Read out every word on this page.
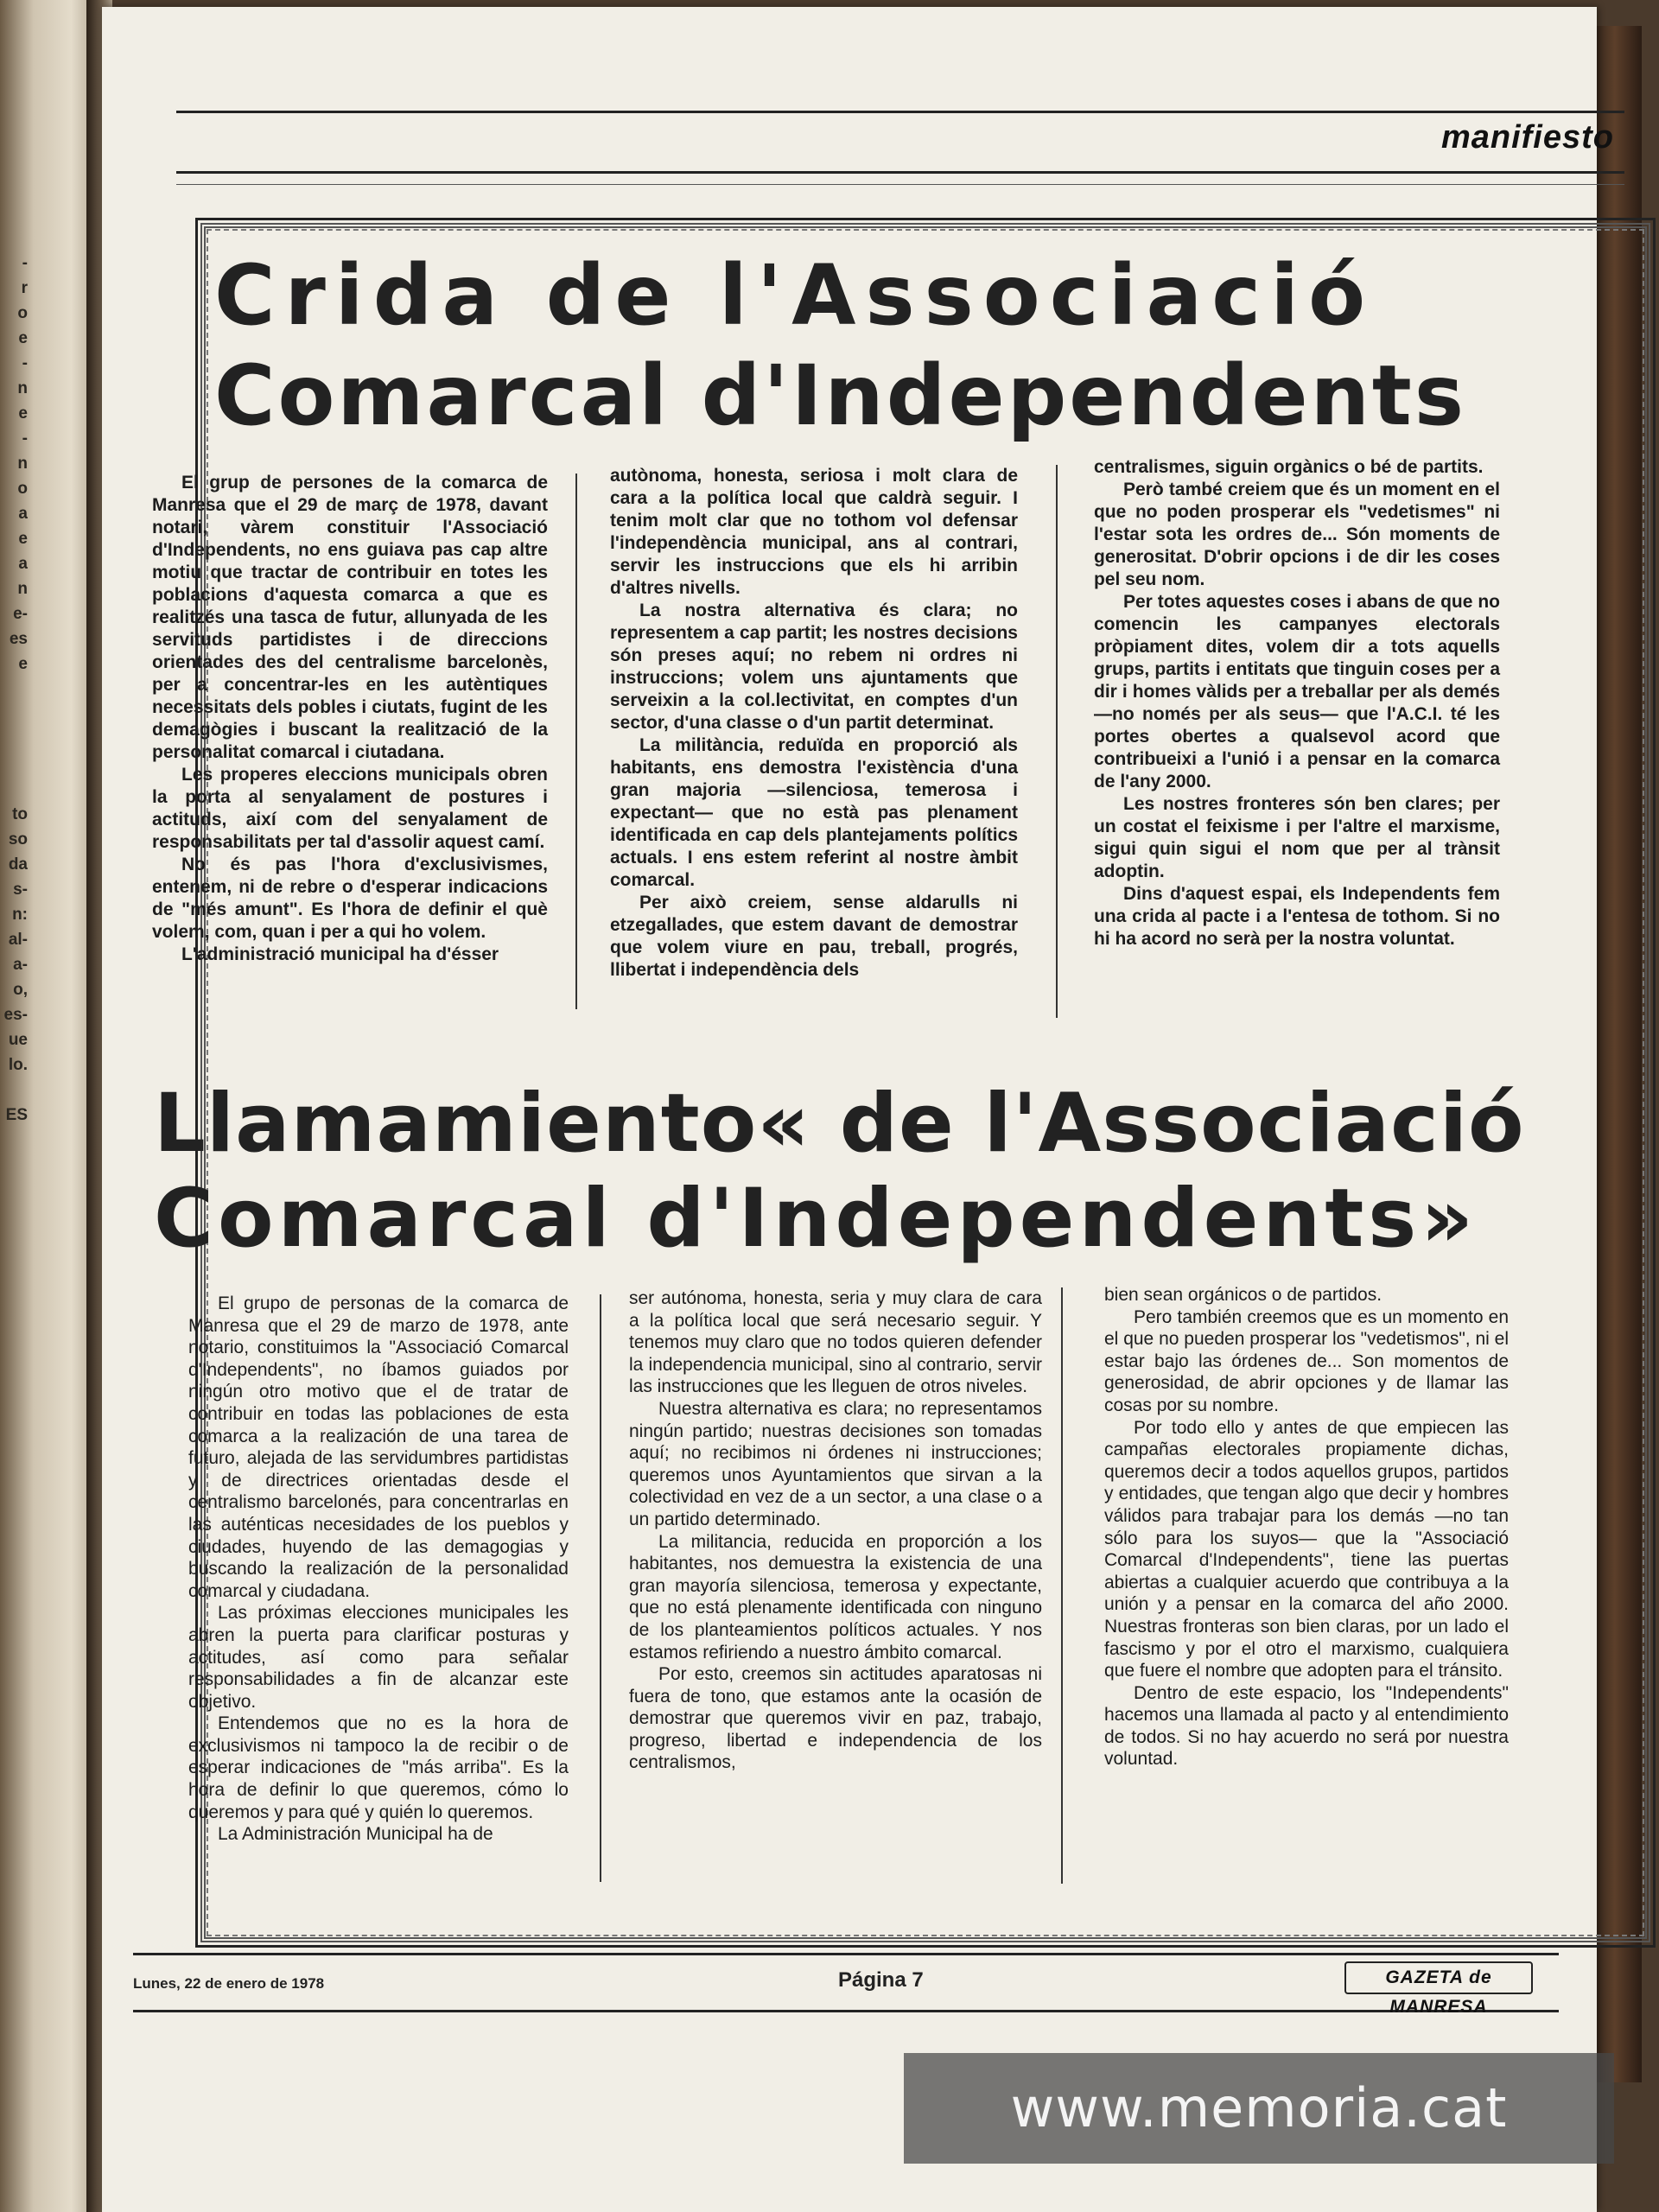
-
r
o
e
-
n
e
-
n
o
a
e
a
n
e-
es
e

to
so
da
s-
n:
al-
a-
o,
es-
ue
lo.

ES
manifiesto
Crida de l'Associació
Comarcal d'Independents

El grup de persones de la comarca de Manresa que el 29 de març de 1978, davant notari, vàrem constituir l'Associació d'Independents, no ens guiava pas cap altre motiu que tractar de contribuir en totes les poblacions d'aquesta comarca a que es realitzés una tasca de futur, allunyada de les servituds partidistes i de direccions orientades des del centralisme barcelonès, per a concentrar-les en les autèntiques necessitats dels pobles i ciutats, fugint de les demagògies i buscant la realització de la personalitat comarcal i ciutadana.

Les properes eleccions municipals obren la porta al senyalament de postures i actituds, així com del senyalament de responsabilitats per tal d'assolir aquest camí.

No és pas l'hora d'exclusivismes, entenem, ni de rebre o d'esperar indicacions de "més amunt". Es l'hora de definir el què volem, com, quan i per a qui ho volem.

L'administració municipal ha d'ésser

autònoma, honesta, seriosa i molt clara de cara a la política local que caldrà seguir. I tenim molt clar que no tothom vol defensar l'independència municipal, ans al contrari, servir les instruccions que els hi arribin d'altres nivells.

La nostra alternativa és clara; no representem a cap partit; les nostres decisions són preses aquí; no rebem ni ordres ni instruccions; volem uns ajuntaments que serveixin a la col.lectivitat, en comptes d'un sector, d'una classe o d'un partit determinat.

La militància, reduïda en proporció als habitants, ens demostra l'existència d'una gran majoria —silenciosa, temerosa i expectant— que no està pas plenament identificada en cap dels plantejaments polítics actuals. I ens estem referint al nostre àmbit comarcal.

Per això creiem, sense aldarulls ni etzegallades, que estem davant de demostrar que volem viure en pau, treball, progrés, llibertat i independència dels

centralismes, siguin orgànics o bé de partits.

Però també creiem que és un moment en el que no poden prosperar els "vedetismes" ni l'estar sota les ordres de... Són moments de generositat. D'obrir opcions i de dir les coses pel seu nom.

Per totes aquestes coses i abans de que no comencin les campanyes electorals pròpiament dites, volem dir a tots aquells grups, partits i entitats que tinguin coses per a dir i homes vàlids per a treballar per als demés —no només per als seus— que l'A.C.I. té les portes obertes a qualsevol acord que contribueixi a l'unió i a pensar en la comarca de l'any 2000.

Les nostres fronteres són ben clares; per un costat el feixisme i per l'altre el marxisme, sigui quin sigui el nom que per al trànsit adoptin.

Dins d'aquest espai, els Independents fem una crida al pacte i a l'entesa de tothom. Si no hi ha acord no serà per la nostra voluntat.

Llamamiento« de l'Associació
Comarcal d'Independents»

El grupo de personas de la comarca de Manresa que el 29 de marzo de 1978, ante notario, constituimos la "Associació Comarcal d'Independents", no íbamos guiados por ningún otro motivo que el de tratar de contribuir en todas las poblaciones de esta comarca a la realización de una tarea de futuro, alejada de las servidumbres partidistas y de directrices orientadas desde el centralismo barcelonés, para concentrarlas en las auténticas necesidades de los pueblos y ciudades, huyendo de las demagogias y buscando la realización de la personalidad comarcal y ciudadana.

Las próximas elecciones municipales les abren la puerta para clarificar posturas y actitudes, así como para señalar responsabilidades a fin de alcanzar este objetivo.

Entendemos que no es la hora de exclusivismos ni tampoco la de recibir o de esperar indicaciones de "más arriba". Es la hora de definir lo que queremos, cómo lo queremos y para qué y quién lo queremos.

La Administración Municipal ha de

ser autónoma, honesta, seria y muy clara de cara a la política local que será necesario seguir. Y tenemos muy claro que no todos quieren defender la independencia municipal, sino al contrario, servir las instrucciones que les lleguen de otros niveles.

Nuestra alternativa es clara; no representamos ningún partido; nuestras decisiones son tomadas aquí; no recibimos ni órdenes ni instrucciones; queremos unos Ayuntamientos que sirvan a la colectividad en vez de a un sector, a una clase o a un partido determinado.

La militancia, reducida en proporción a los habitantes, nos demuestra la existencia de una gran mayoría silenciosa, temerosa y expectante, que no está plenamente identificada con ninguno de los planteamientos políticos actuales. Y nos estamos refiriendo a nuestro ámbito comarcal.

Por esto, creemos sin actitudes aparatosas ni fuera de tono, que estamos ante la ocasión de demostrar que queremos vivir en paz, trabajo, progreso, libertad e independencia de los centralismos,

bien sean orgánicos o de partidos.

Pero también creemos que es un momento en el que no pueden prosperar los "vedetismos", ni el estar bajo las órdenes de... Son momentos de generosidad, de abrir opciones y de llamar las cosas por su nombre.

Por todo ello y antes de que empiecen las campañas electorales propiamente dichas, queremos decir a todos aquellos grupos, partidos y entidades, que tengan algo que decir y hombres válidos para trabajar para los demás —no tan sólo para los suyos— que la "Associació Comarcal d'Independents", tiene las puertas abiertas a cualquier acuerdo que contribuya a la unión y a pensar en la comarca del año 2000. Nuestras fronteras son bien claras, por un lado el fascismo y por el otro el marxismo, cualquiera que fuere el nombre que adopten para el tránsito.

Dentro de este espacio, los "Independents" hacemos una llamada al pacto y al entendimiento de todos. Si no hay acuerdo no será por nuestra voluntad.

Lunes, 22 de enero de 1978	Página 7	GAZETA de MANRESA
www.memoria.cat
